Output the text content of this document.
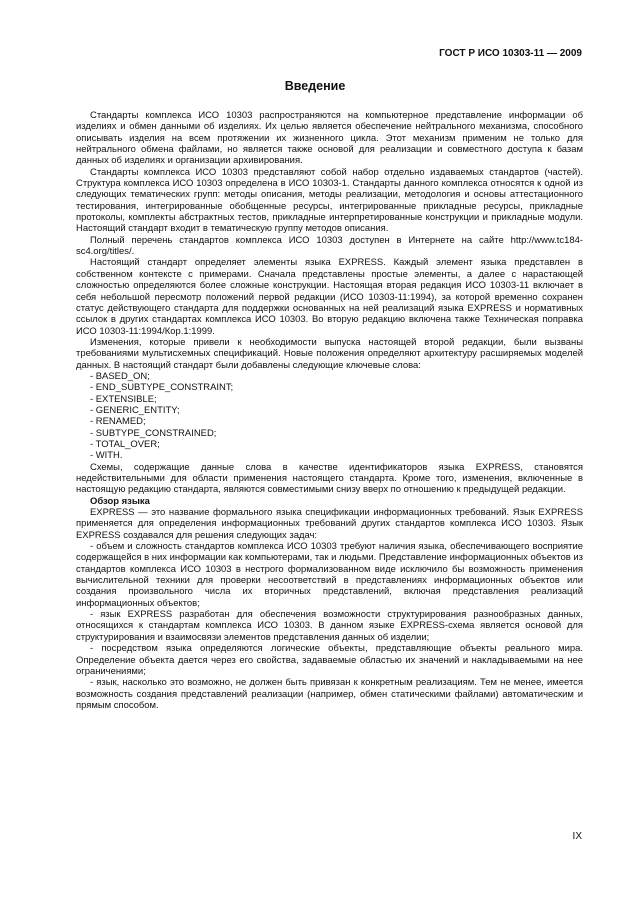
ГОСТ Р ИСО 10303-11 — 2009
Введение

Стандарты комплекса ИСО 10303 распространяются на компьютерное представление информации об изделиях и обмен данными об изделиях. Их целью является обеспечение нейтрального механизма, способного описывать изделия на всем протяжении их жизненного цикла. Этот механизм применим не только для нейтрального обмена файлами, но является также основой для реализации и совместного доступа к базам данных об изделиях и организации архивирования.

Стандарты комплекса ИСО 10303 представляют собой набор отдельно издаваемых стандартов (частей). Структура комплекса ИСО 10303 определена в ИСО 10303-1. Стандарты данного комплекса относятся к одной из следующих тематических групп: методы описания, методы реализации, методология и основы аттестационного тестирования, интегрированные обобщенные ресурсы, интегрированные прикладные ресурсы, прикладные протоколы, комплекты абстрактных тестов, прикладные интерпретированные конструкции и прикладные модули. Настоящий стандарт входит в тематическую группу методов описания.

Полный перечень стандартов комплекса ИСО 10303 доступен в Интернете на сайте http://www.tc184-sc4.org/titles/.

Настоящий стандарт определяет элементы языка EXPRESS. Каждый элемент языка представлен в собственном контексте с примерами. Сначала представлены простые элементы, а далее с нарастающей сложностью определяются более сложные конструкции. Настоящая вторая редакция ИСО 10303-11 включает в себя небольшой пересмотр положений первой редакции (ИСО 10303-11:1994), за которой временно сохранен статус действующего стандарта для поддержки основанных на ней реализаций языка EXPRESS и нормативных ссылок в других стандартах комплекса ИСО 10303. Во вторую редакцию включена также Техническая поправка ИСО 10303-11:1994/Кор.1:1999.

Изменения, которые привели к необходимости выпуска настоящей второй редакции, были вызваны требованиями мультисхемных спецификаций. Новые положения определяют архитектуру расширяемых моделей данных. В настоящий стандарт были добавлены следующие ключевые слова:

- BASED_ON;
- END_SUBTYPE_CONSTRAINT;
- EXTENSIBLE;
- GENERIC_ENTITY;
- RENAMED;
- SUBTYPE_CONSTRAINED;
- TOTAL_OVER;
- WITH.

Схемы, содержащие данные слова в качестве идентификаторов языка EXPRESS, становятся недействительными для области применения настоящего стандарта. Кроме того, изменения, включенные в настоящую редакцию стандарта, являются совместимыми снизу вверх по отношению к предыдущей редакции.

Обзор языка

EXPRESS — это название формального языка спецификации информационных требований. Язык EXPRESS применяется для определения информационных требований других стандартов комплекса ИСО 10303. Язык EXPRESS создавался для решения следующих задач:

- объем и сложность стандартов комплекса ИСО 10303 требуют наличия языка, обеспечивающего восприятие содержащейся в них информации как компьютерами, так и людьми. Представление информационных объектов из стандартов комплекса ИСО 10303 в нестрого формализованном виде исключило бы возможность применения вычислительной техники для проверки несоответствий в представлениях информационных объектов или создания произвольного числа их вторичных представлений, включая представления реализаций информационных объектов;

- язык EXPRESS разработан для обеспечения возможности структурирования разнообразных данных, относящихся к стандартам комплекса ИСО 10303. В данном языке EXPRESS-схема является основой для структурирования и взаимосвязи элементов представления данных об изделии;

- посредством языка определяются логические объекты, представляющие объекты реального мира. Определение объекта дается через его свойства, задаваемые областью их значений и накладываемыми на нее ограничениями;

- язык, насколько это возможно, не должен быть привязан к конкретным реализациям. Тем не менее, имеется возможность создания представлений реализации (например, обмен статическими файлами) автоматическим и прямым способом.

IX
